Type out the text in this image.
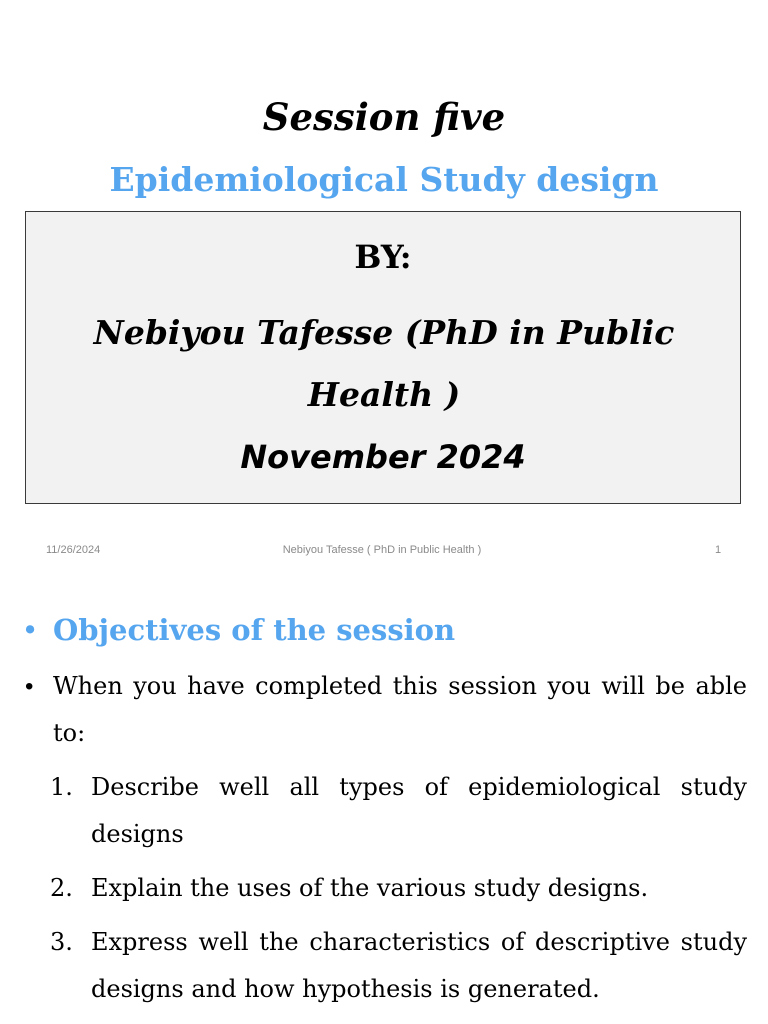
Session five
Epidemiological Study design
BY:
Nebiyou Tafesse (PhD in Public Health )
November 2024
11/26/2024	Nebiyou Tafesse ( PhD in Public Health )	1
• Objectives of the session
• When you have completed this session you will be able to:
1. Describe well all types of epidemiological study designs
2. Explain the uses of the various study designs.
3. Express well the characteristics of descriptive study designs and how hypothesis is generated.
